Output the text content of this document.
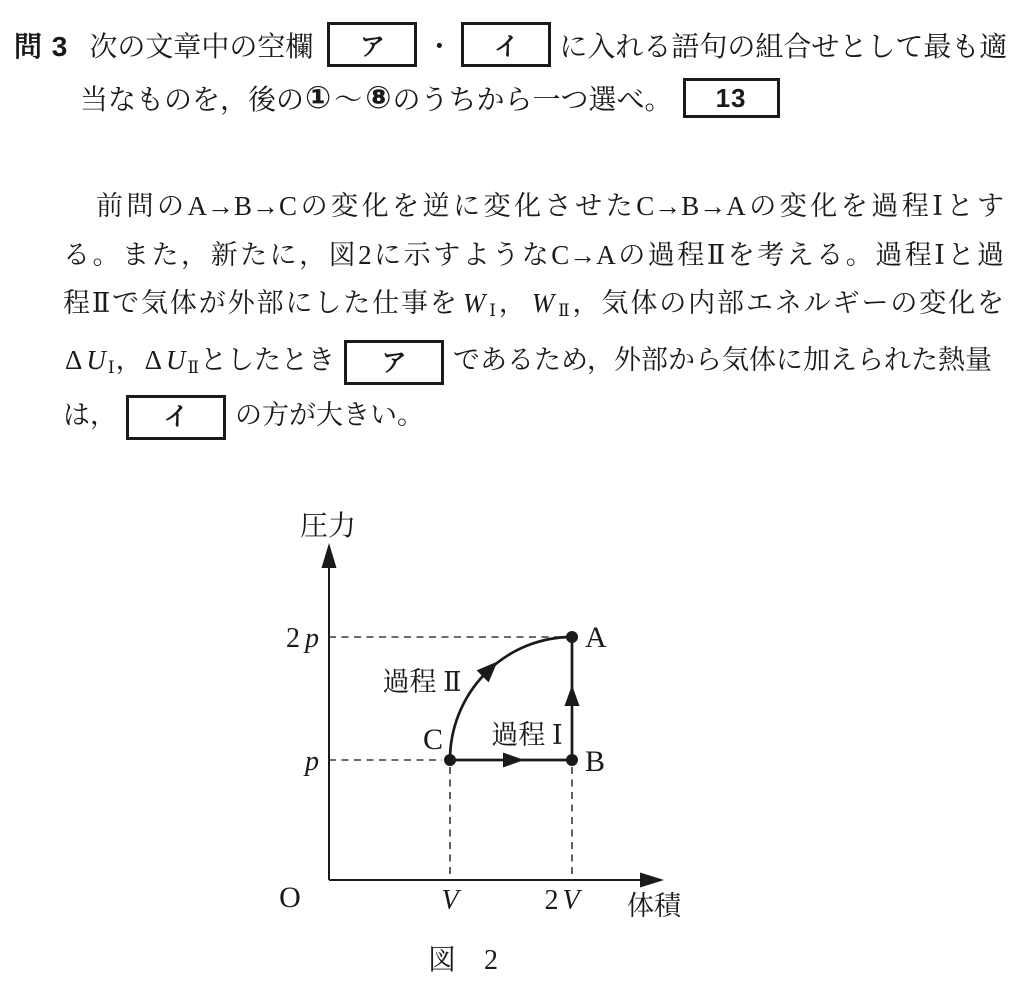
問 3 次の文章中の空欄 ア ・ イ に入れる語句の組合せとして最も適
当なものを，後の ① ～ ⑧ のうちから一つ選べ。 13
前問のA→B→Cの変化を逆に変化させたC→B→Aの変化を過程Ⅰとす
る。また，新たに，図2に示すようなC→Aの過程Ⅱを考える。過程Ⅰと過
程Ⅱで気体が外部にした仕事を W $_Ⅰ$， W $_Ⅱ$，気体の内部エネルギーの変化を
Δ U $_Ⅰ$，Δ U $_Ⅱ$としたとき ア であるため，外部から気体に加えられた熱量
は， イ の方が大きい。
圧力
2 p
p
O	V	2 V 体積
A
B
C
過程 Ⅱ
過程 Ⅰ
図　2
